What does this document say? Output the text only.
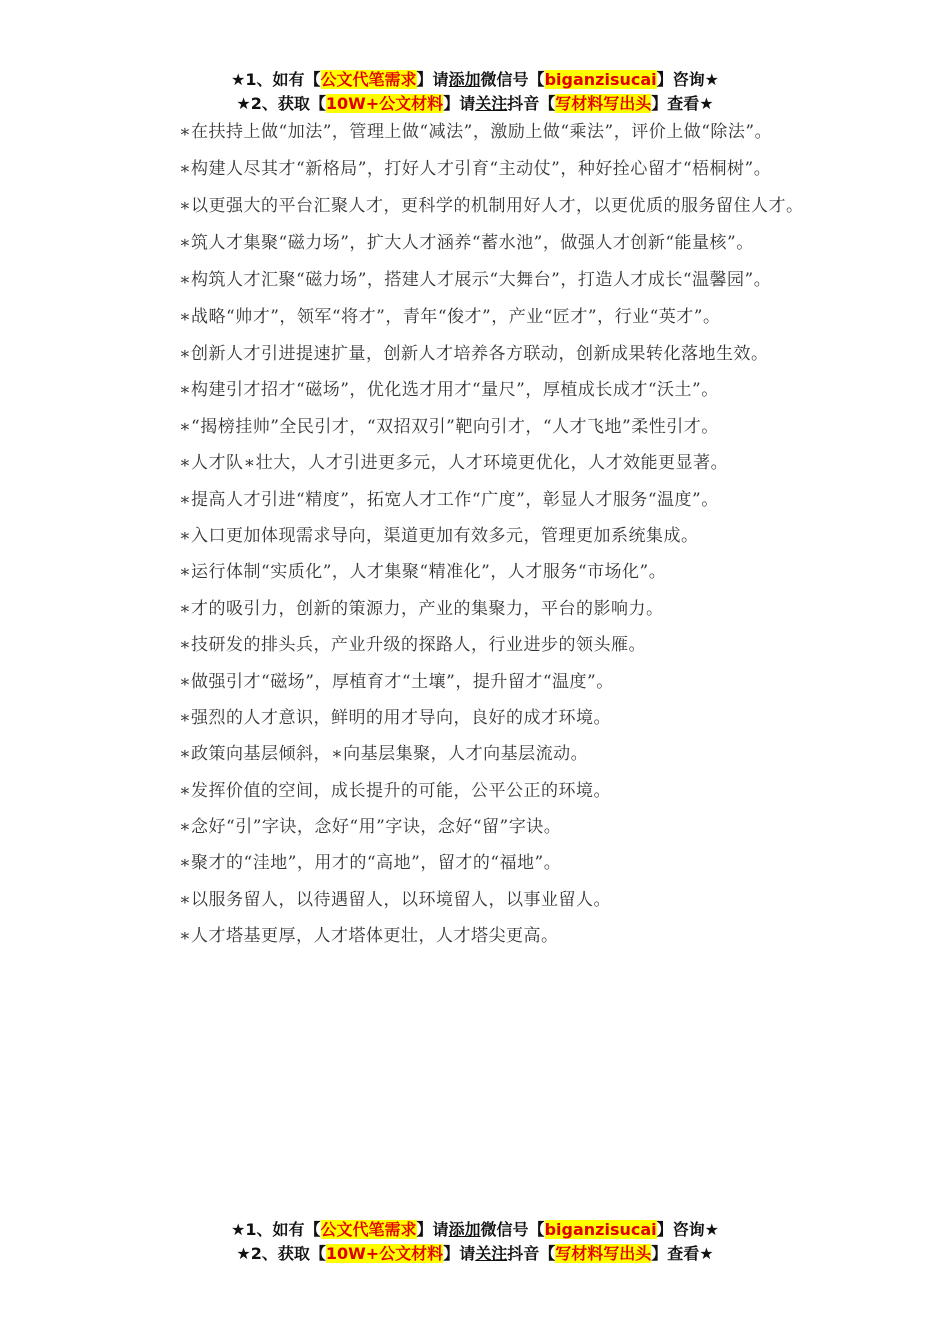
★1、如有【公文代笔需求】请添加微信号【biganzisucai】咨询★
★2、获取【10W+公文材料】请关注抖音【写材料写出头】查看★

∗在扶持上做“加法”，管理上做“减法”，激励上做“乘法”，评价上做“除法”。

∗构建人尽其才“新格局”，打好人才引育“主动仗”，种好拴心留才“梧桐树”。

∗以更强大的平台汇聚人才，更科学的机制用好人才，以更优质的服务留住人才。

∗筑人才集聚“磁力场”，扩大人才涵养“蓄水池”，做强人才创新“能量核”。

∗构筑人才汇聚“磁力场”，搭建人才展示“大舞台”，打造人才成长“温馨园”。

∗战略“帅才”，领军“将才”，青年“俊才”，产业“匠才”，行业“英才”。

∗创新人才引进提速扩量，创新人才培养各方联动，创新成果转化落地生效。

∗构建引才招才“磁场”，优化选才用才“量尺”，厚植成长成才“沃土”。

∗“揭榜挂帅”全民引才，“双招双引”靶向引才，“人才飞地”柔性引才。

∗人才队∗壮大，人才引进更多元，人才环境更优化，人才效能更显著。

∗提高人才引进“精度”，拓宽人才工作“广度”，彰显人才服务“温度”。

∗入口更加体现需求导向，渠道更加有效多元，管理更加系统集成。

∗运行体制“实质化”，人才集聚“精准化”，人才服务“市场化”。

∗才的吸引力，创新的策源力，产业的集聚力，平台的影响力。

∗技研发的排头兵，产业升级的探路人，行业进步的领头雁。

∗做强引才“磁场”，厚植育才“土壤”，提升留才“温度”。

∗强烈的人才意识，鲜明的用才导向，良好的成才环境。

∗政策向基层倾斜，∗向基层集聚，人才向基层流动。

∗发挥价值的空间，成长提升的可能，公平公正的环境。

∗念好“引”字诀，念好“用”字诀，念好“留”字诀。

∗聚才的“洼地”，用才的“高地”，留才的“福地”。

∗以服务留人，以待遇留人，以环境留人，以事业留人。

∗人才塔基更厚，人才塔体更壮，人才塔尖更高。

★1、如有【公文代笔需求】请添加微信号【biganzisucai】咨询★
★2、获取【10W+公文材料】请关注抖音【写材料写出头】查看★
